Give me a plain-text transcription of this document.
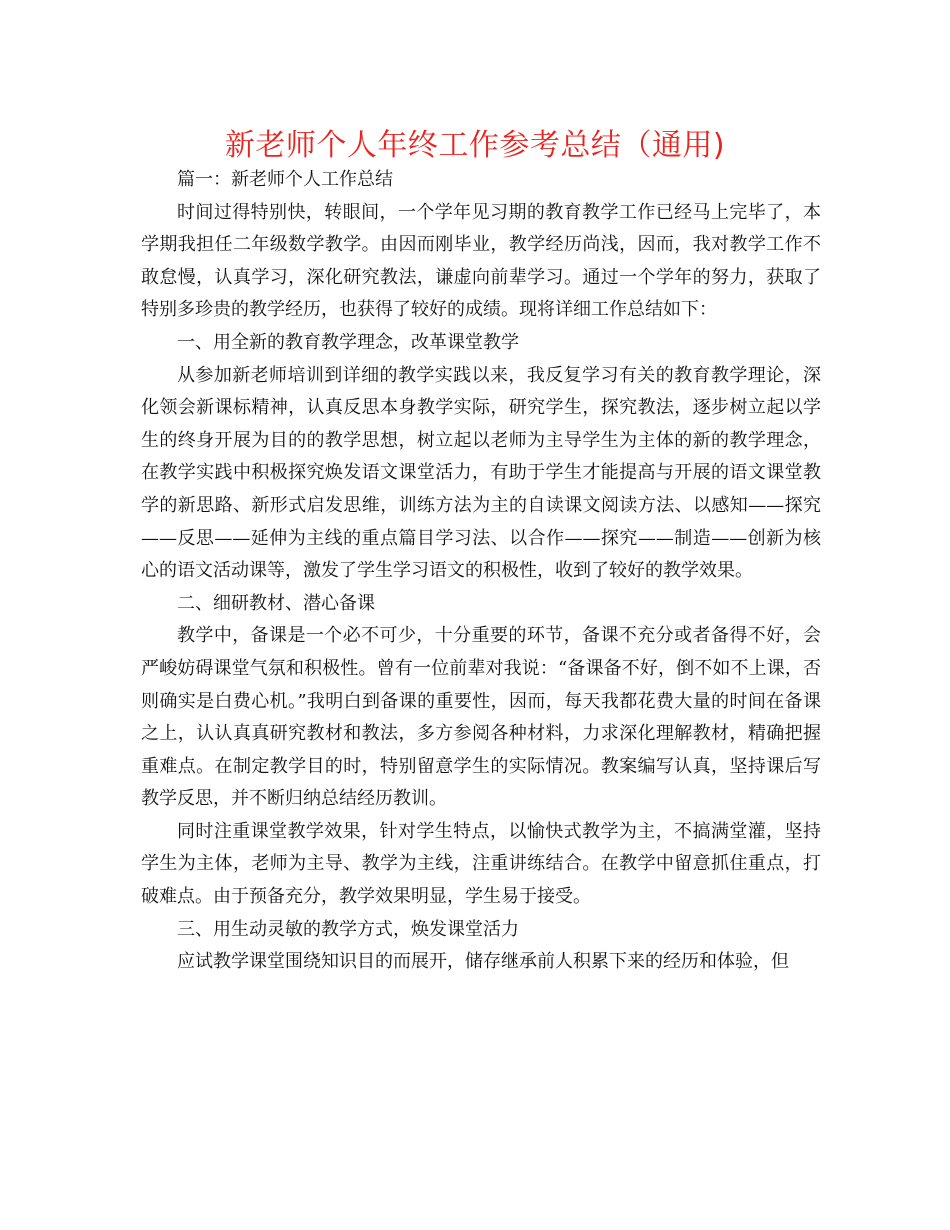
新老师个人年终工作参考总结（通用)

篇一：新老师个人工作总结

时间过得特别快，转眼间，一个学年见习期的教育教学工作已经马上完毕了，本学期我担任二年级数学教学。由因而刚毕业，教学经历尚浅，因而，我对教学工作不敢怠慢，认真学习，深化研究教法，谦虚向前辈学习。通过一个学年的努力，获取了特别多珍贵的教学经历，也获得了较好的成绩。现将详细工作总结如下：

一、用全新的教育教学理念，改革课堂教学

从参加新老师培训到详细的教学实践以来，我反复学习有关的教育教学理论，深化领会新课标精神，认真反思本身教学实际，研究学生，探究教法，逐步树立起以学生的终身开展为目的的教学思想，树立起以老师为主导学生为主体的新的教学理念，在教学实践中积极探究焕发语文课堂活力，有助于学生才能提高与开展的语文课堂教学的新思路、新形式启发思维，训练方法为主的自读课文阅读方法、以感知——探究——反思——延伸为主线的重点篇目学习法、以合作——探究——制造——创新为核心的语文活动课等，激发了学生学习语文的积极性，收到了较好的教学效果。

二、细研教材、潜心备课

教学中，备课是一个必不可少，十分重要的环节，备课不充分或者备得不好，会严峻妨碍课堂气氛和积极性。曾有一位前辈对我说：“备课备不好，倒不如不上课，否则确实是白费心机。”我明白到备课的重要性，因而，每天我都花费大量的时间在备课之上，认认真真研究教材和教法，多方参阅各种材料，力求深化理解教材，精确把握重难点。在制定教学目的时，特别留意学生的实际情况。教案编写认真，坚持课后写教学反思，并不断归纳总结经历教训。

同时注重课堂教学效果，针对学生特点，以愉快式教学为主，不搞满堂灌，坚持学生为主体，老师为主导、教学为主线，注重讲练结合。在教学中留意抓住重点，打破难点。由于预备充分，教学效果明显，学生易于接受。

三、用生动灵敏的教学方式，焕发课堂活力

应试教学课堂围绕知识目的而展开，储存继承前人积累下来的经历和体验，但
